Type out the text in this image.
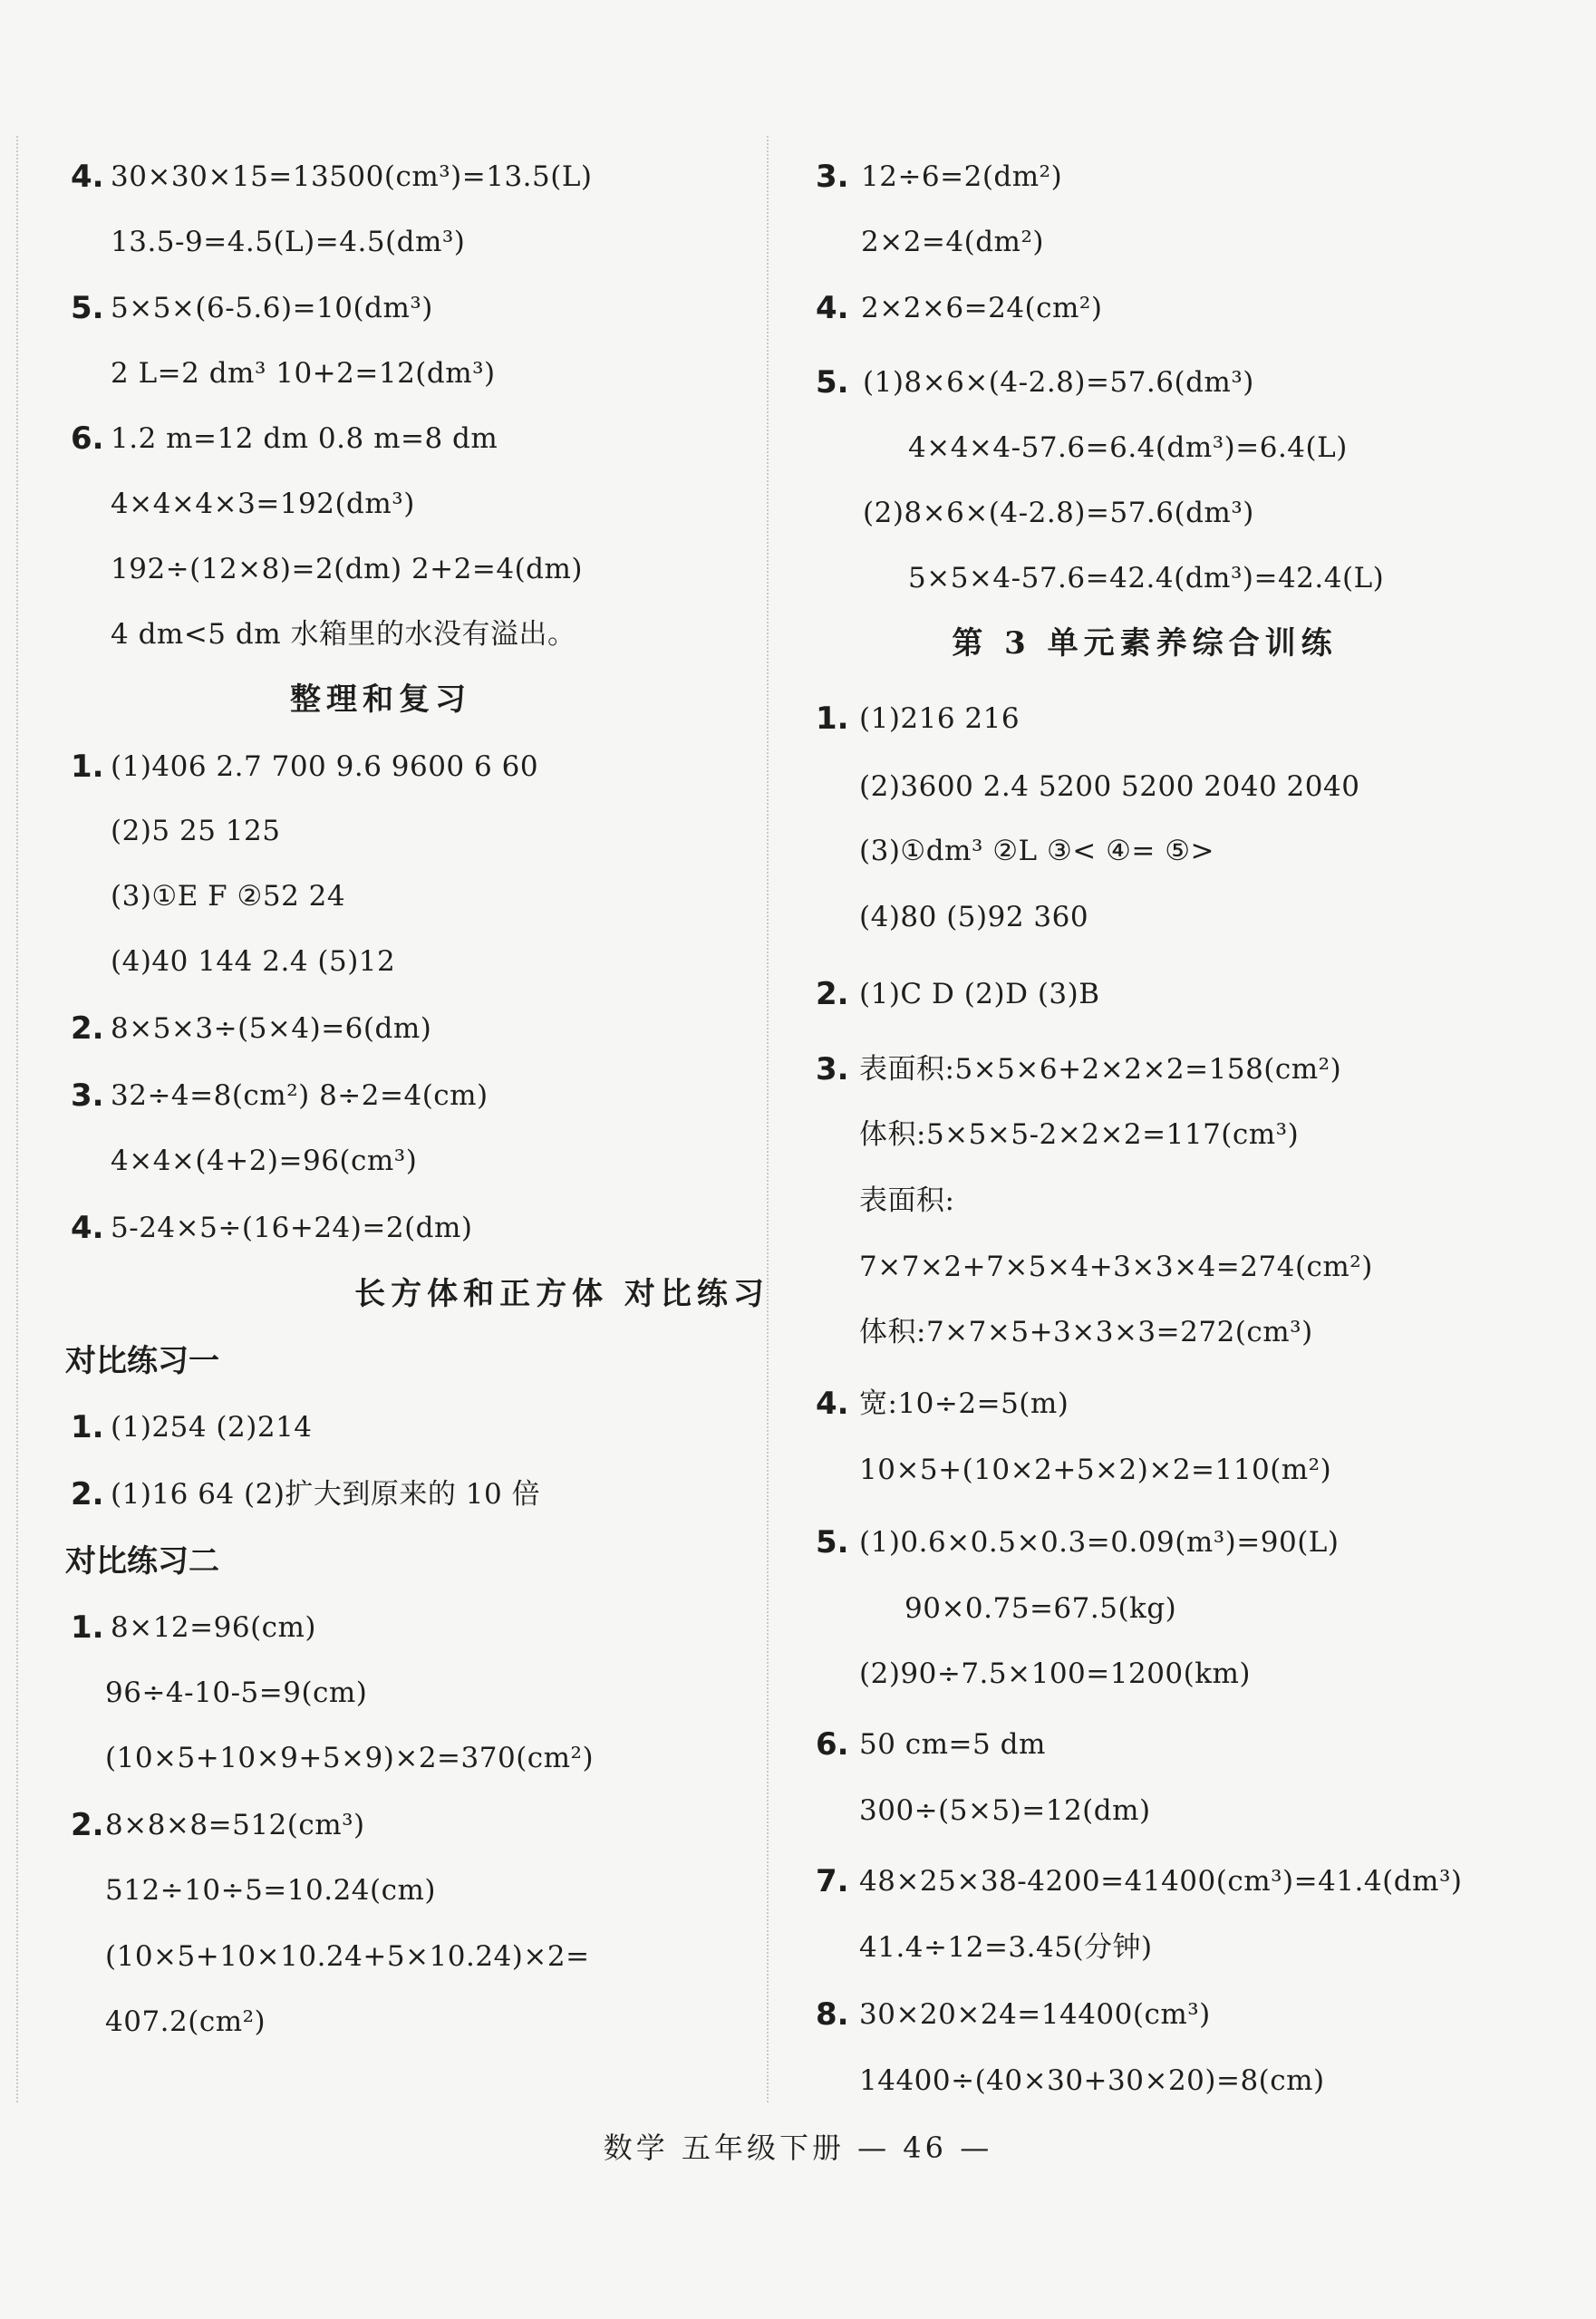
4. 30×30×15=13500(cm³)=13.5(L)
13.5-9=4.5(L)=4.5(dm³)
5. 5×5×(6-5.6)=10(dm³)
2 L=2 dm³ 10+2=12(dm³)
6. 1.2 m=12 dm 0.8 m=8 dm
4×4×4×3=192(dm³)
192÷(12×8)=2(dm) 2+2=4(dm)
4 dm<5 dm 水箱里的水没有溢出。
整理和复习
1. (1)406 2.7 700 9.6 9600 6 60
(2)5 25 125
(3)①E F ②52 24
(4)40 144 2.4 (5)12
2. 8×5×3÷(5×4)=6(dm)
3. 32÷4=8(cm²) 8÷2=4(cm)
4×4×(4+2)=96(cm³)
4. 5-24×5÷(16+24)=2(dm)
长方体和正方体 对比练习
对比练习一
1. (1)254 (2)214
2. (1)16 64 (2)扩大到原来的 10 倍
对比练习二
1. 8×12=96(cm)
96÷4-10-5=9(cm)
(10×5+10×9+5×9)×2=370(cm²)
2. 8×8×8=512(cm³)
512÷10÷5=10.24(cm)
(10×5+10×10.24+5×10.24)×2=
407.2(cm²)
3. 12÷6=2(dm²)
2×2=4(dm²)
4. 2×2×6=24(cm²)
5. (1)8×6×(4-2.8)=57.6(dm³)
4×4×4-57.6=6.4(dm³)=6.4(L)
(2)8×6×(4-2.8)=57.6(dm³)
5×5×4-57.6=42.4(dm³)=42.4(L)
第 3 单元素养综合训练
1. (1)216 216
(2)3600 2.4 5200 5200 2040 2040
(3)①dm³ ②L ③< ④= ⑤>
(4)80 (5)92 360
2. (1)C D (2)D (3)B
3. 表面积:5×5×6+2×2×2=158(cm²)
体积:5×5×5-2×2×2=117(cm³)
表面积:
7×7×2+7×5×4+3×3×4=274(cm²)
体积:7×7×5+3×3×3=272(cm³)
4. 宽:10÷2=5(m)
10×5+(10×2+5×2)×2=110(m²)
5. (1)0.6×0.5×0.3=0.09(m³)=90(L)
90×0.75=67.5(kg)
(2)90÷7.5×100=1200(km)
6. 50 cm=5 dm
300÷(5×5)=12(dm)
7. 48×25×38-4200=41400(cm³)=41.4(dm³)
41.4÷12=3.45(分钟)
8. 30×20×24=14400(cm³)
14400÷(40×30+30×20)=8(cm)
数学 五年级下册 — 46 —
